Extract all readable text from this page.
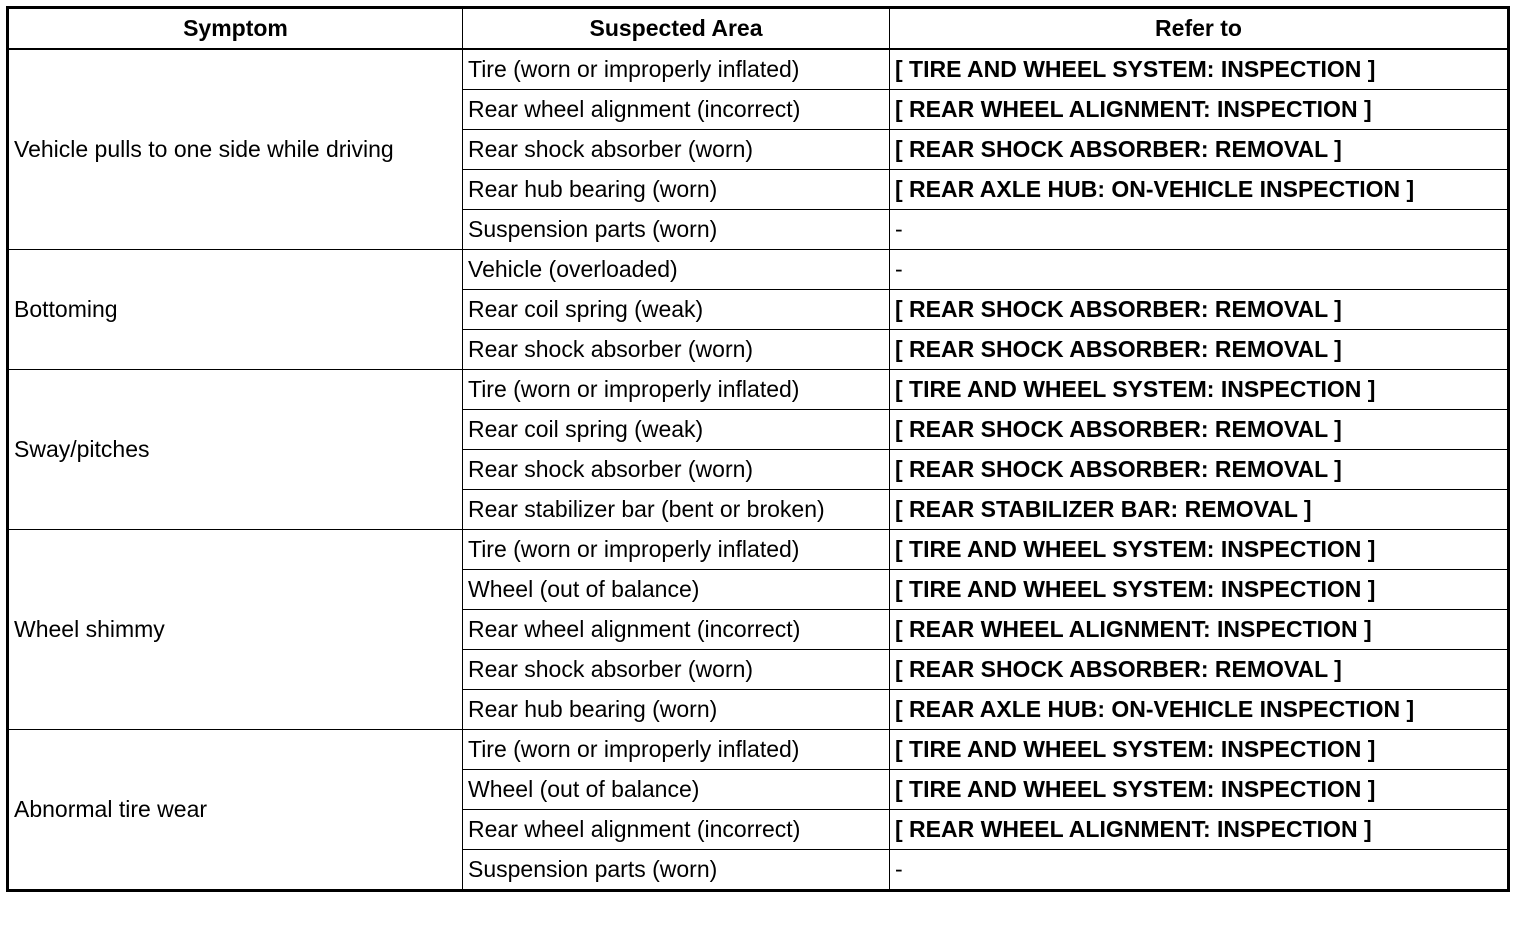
Symptom	Suspected Area	Refer to
Vehicle pulls to one side while driving	Tire (worn or improperly inflated)	[ TIRE AND WHEEL SYSTEM: INSPECTION ]
	Rear wheel alignment (incorrect)	[ REAR WHEEL ALIGNMENT: INSPECTION ]
	Rear shock absorber (worn)	[ REAR SHOCK ABSORBER: REMOVAL ]
	Rear hub bearing (worn)	[ REAR AXLE HUB: ON-VEHICLE INSPECTION ]
	Suspension parts (worn)	-
Bottoming	Vehicle (overloaded)	-
	Rear coil spring (weak)	[ REAR SHOCK ABSORBER: REMOVAL ]
	Rear shock absorber (worn)	[ REAR SHOCK ABSORBER: REMOVAL ]
Sway/pitches	Tire (worn or improperly inflated)	[ TIRE AND WHEEL SYSTEM: INSPECTION ]
	Rear coil spring (weak)	[ REAR SHOCK ABSORBER: REMOVAL ]
	Rear shock absorber (worn)	[ REAR SHOCK ABSORBER: REMOVAL ]
	Rear stabilizer bar (bent or broken)	[ REAR STABILIZER BAR: REMOVAL ]
Wheel shimmy	Tire (worn or improperly inflated)	[ TIRE AND WHEEL SYSTEM: INSPECTION ]
	Wheel (out of balance)	[ TIRE AND WHEEL SYSTEM: INSPECTION ]
	Rear wheel alignment (incorrect)	[ REAR WHEEL ALIGNMENT: INSPECTION ]
	Rear shock absorber (worn)	[ REAR SHOCK ABSORBER: REMOVAL ]
	Rear hub bearing (worn)	[ REAR AXLE HUB: ON-VEHICLE INSPECTION ]
Abnormal tire wear	Tire (worn or improperly inflated)	[ TIRE AND WHEEL SYSTEM: INSPECTION ]
	Wheel (out of balance)	[ TIRE AND WHEEL SYSTEM: INSPECTION ]
	Rear wheel alignment (incorrect)	[ REAR WHEEL ALIGNMENT: INSPECTION ]
	Suspension parts (worn)	-
